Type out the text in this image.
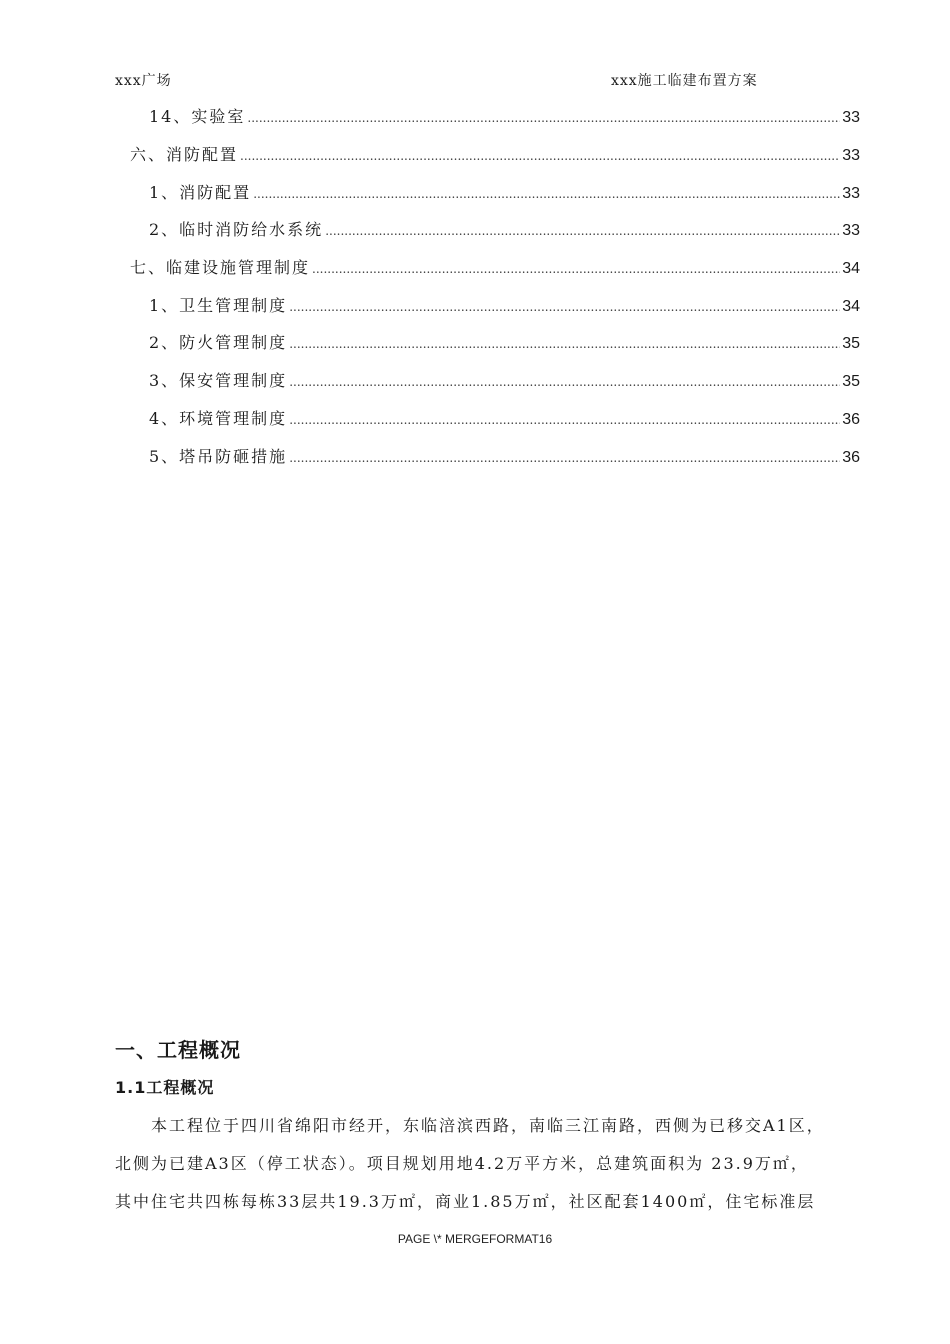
xxx广场	xxx施工临建布置方案
14、实验室 .....	33
六、消防配置 .....	33
1、消防配置 .....	33
2、临时消防给水系统 .....	33
七、临建设施管理制度 .....	34
1、卫生管理制度 .....	34
2、防火管理制度 .....	35
3、保安管理制度 .....	35
4、环境管理制度 .....	36
5、塔吊防砸措施 .....	36
一、工程概况
1.1工程概况
本工程位于四川省绵阳市经开，东临涪滨西路，南临三江南路，西侧为已移交A1区，
北侧为已建A3区（停工状态）。项目规划用地4.2万平方米，总建筑面积为 23.9万㎡，
其中住宅共四栋每栋33层共19.3万㎡，商业1.85万㎡，社区配套1400㎡，住宅标准层
PAGE \* MERGEFORMAT16
